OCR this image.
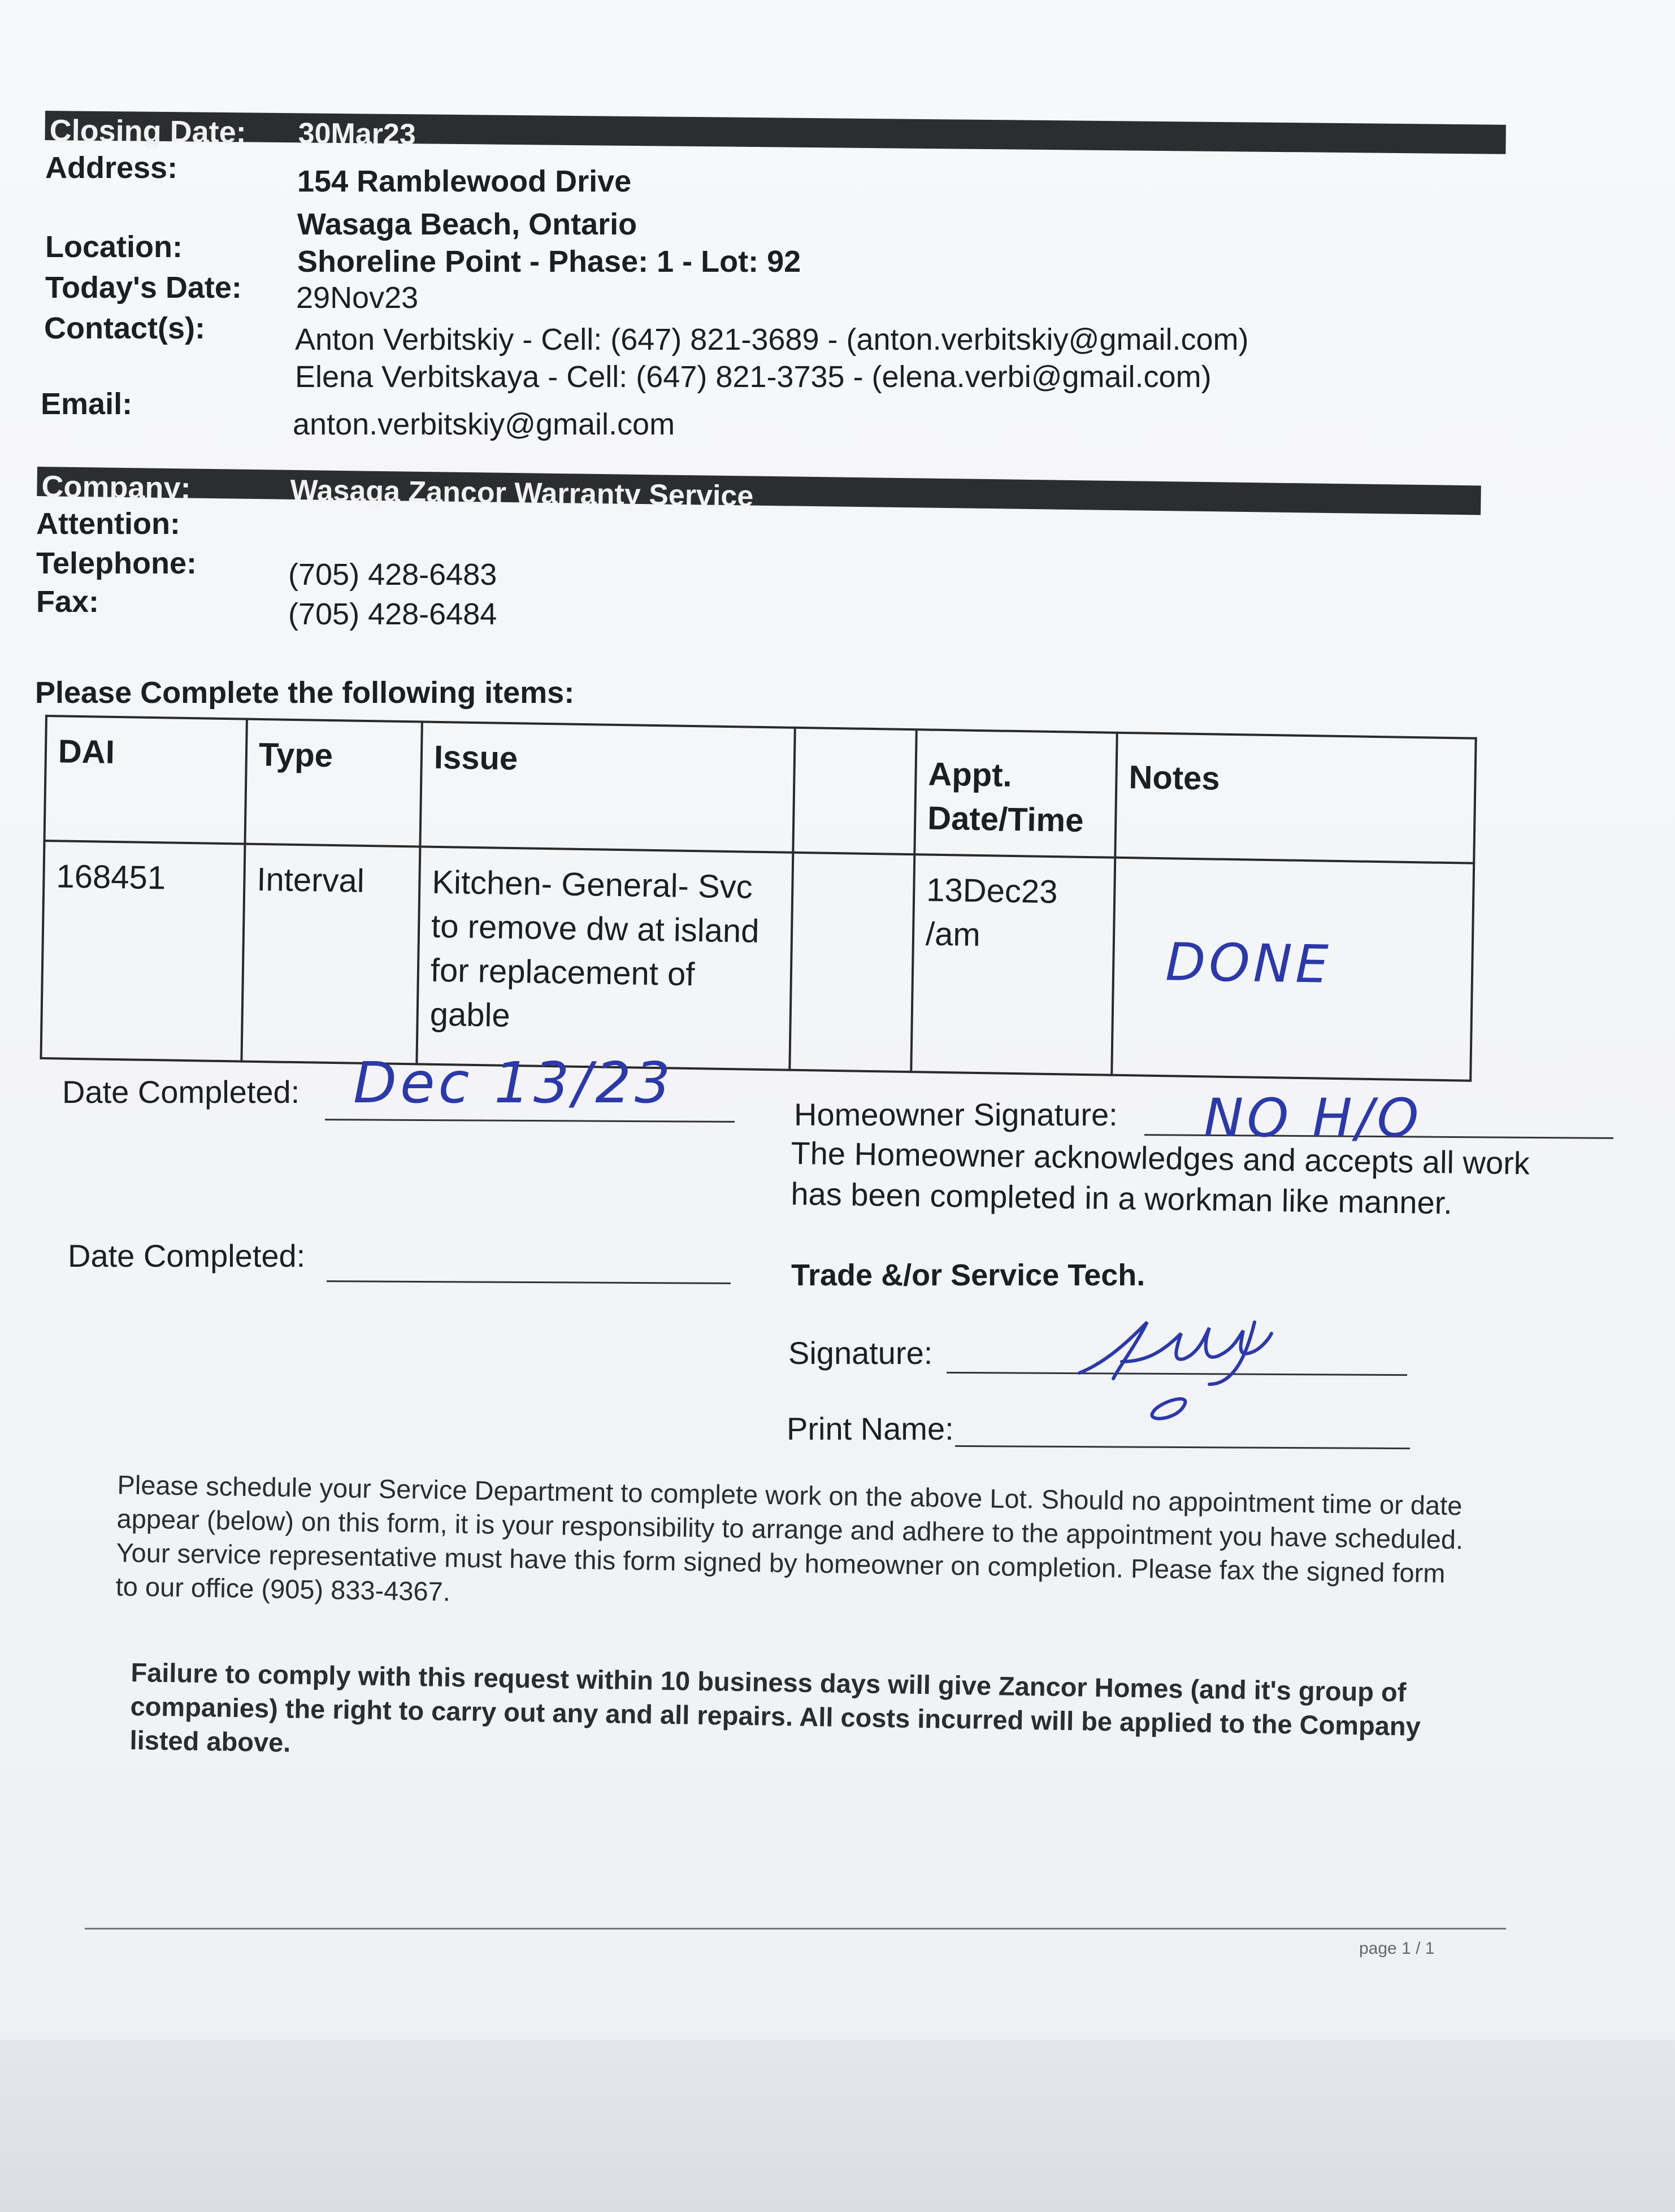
Closing Date: 30Mar23
Address:	154 Ramblewood Drive
Wasaga Beach, Ontario
Location:	Shoreline Point - Phase: 1 - Lot: 92
Today's Date: 29Nov23
Contact(s):	Anton Verbitskiy - Cell: (647) 821-3689 - (anton.verbitskiy@gmail.com)
Elena Verbitskaya - Cell: (647) 821-3735 - (elena.verbi@gmail.com)
Email:
anton.verbitskiy@gmail.com
Company:	Wasaga Zancor Warranty Service
Attention:
Telephone:	(705) 428-6483
Fax:	(705) 428-6484
Please Complete the following items:
DAI	Type	Issue		Appt. Date/Time	Notes
168451	Interval	Kitchen- General- Svc to remove dw at island for replacement of gable		13Dec23 /am	DONE
Date Completed: Dec 13/23	Homeowner Signature: NO H/O
The Homeowner acknowledges and accepts all work
has been completed in a workman like manner.
Date Completed:
Trade &/or Service Tech.
Signature:
Print Name:
Please schedule your Service Department to complete work on the above Lot. Should no appointment time or date appear (below) on this form, it is your responsibility to arrange and adhere to the appointment you have scheduled. Your service representative must have this form signed by homeowner on completion. Please fax the signed form to our office (905) 833-4367.
Failure to comply with this request within 10 business days will give Zancor Homes (and it's group of companies) the right to carry out any and all repairs. All costs incurred will be applied to the Company listed above.
page 1 / 1
